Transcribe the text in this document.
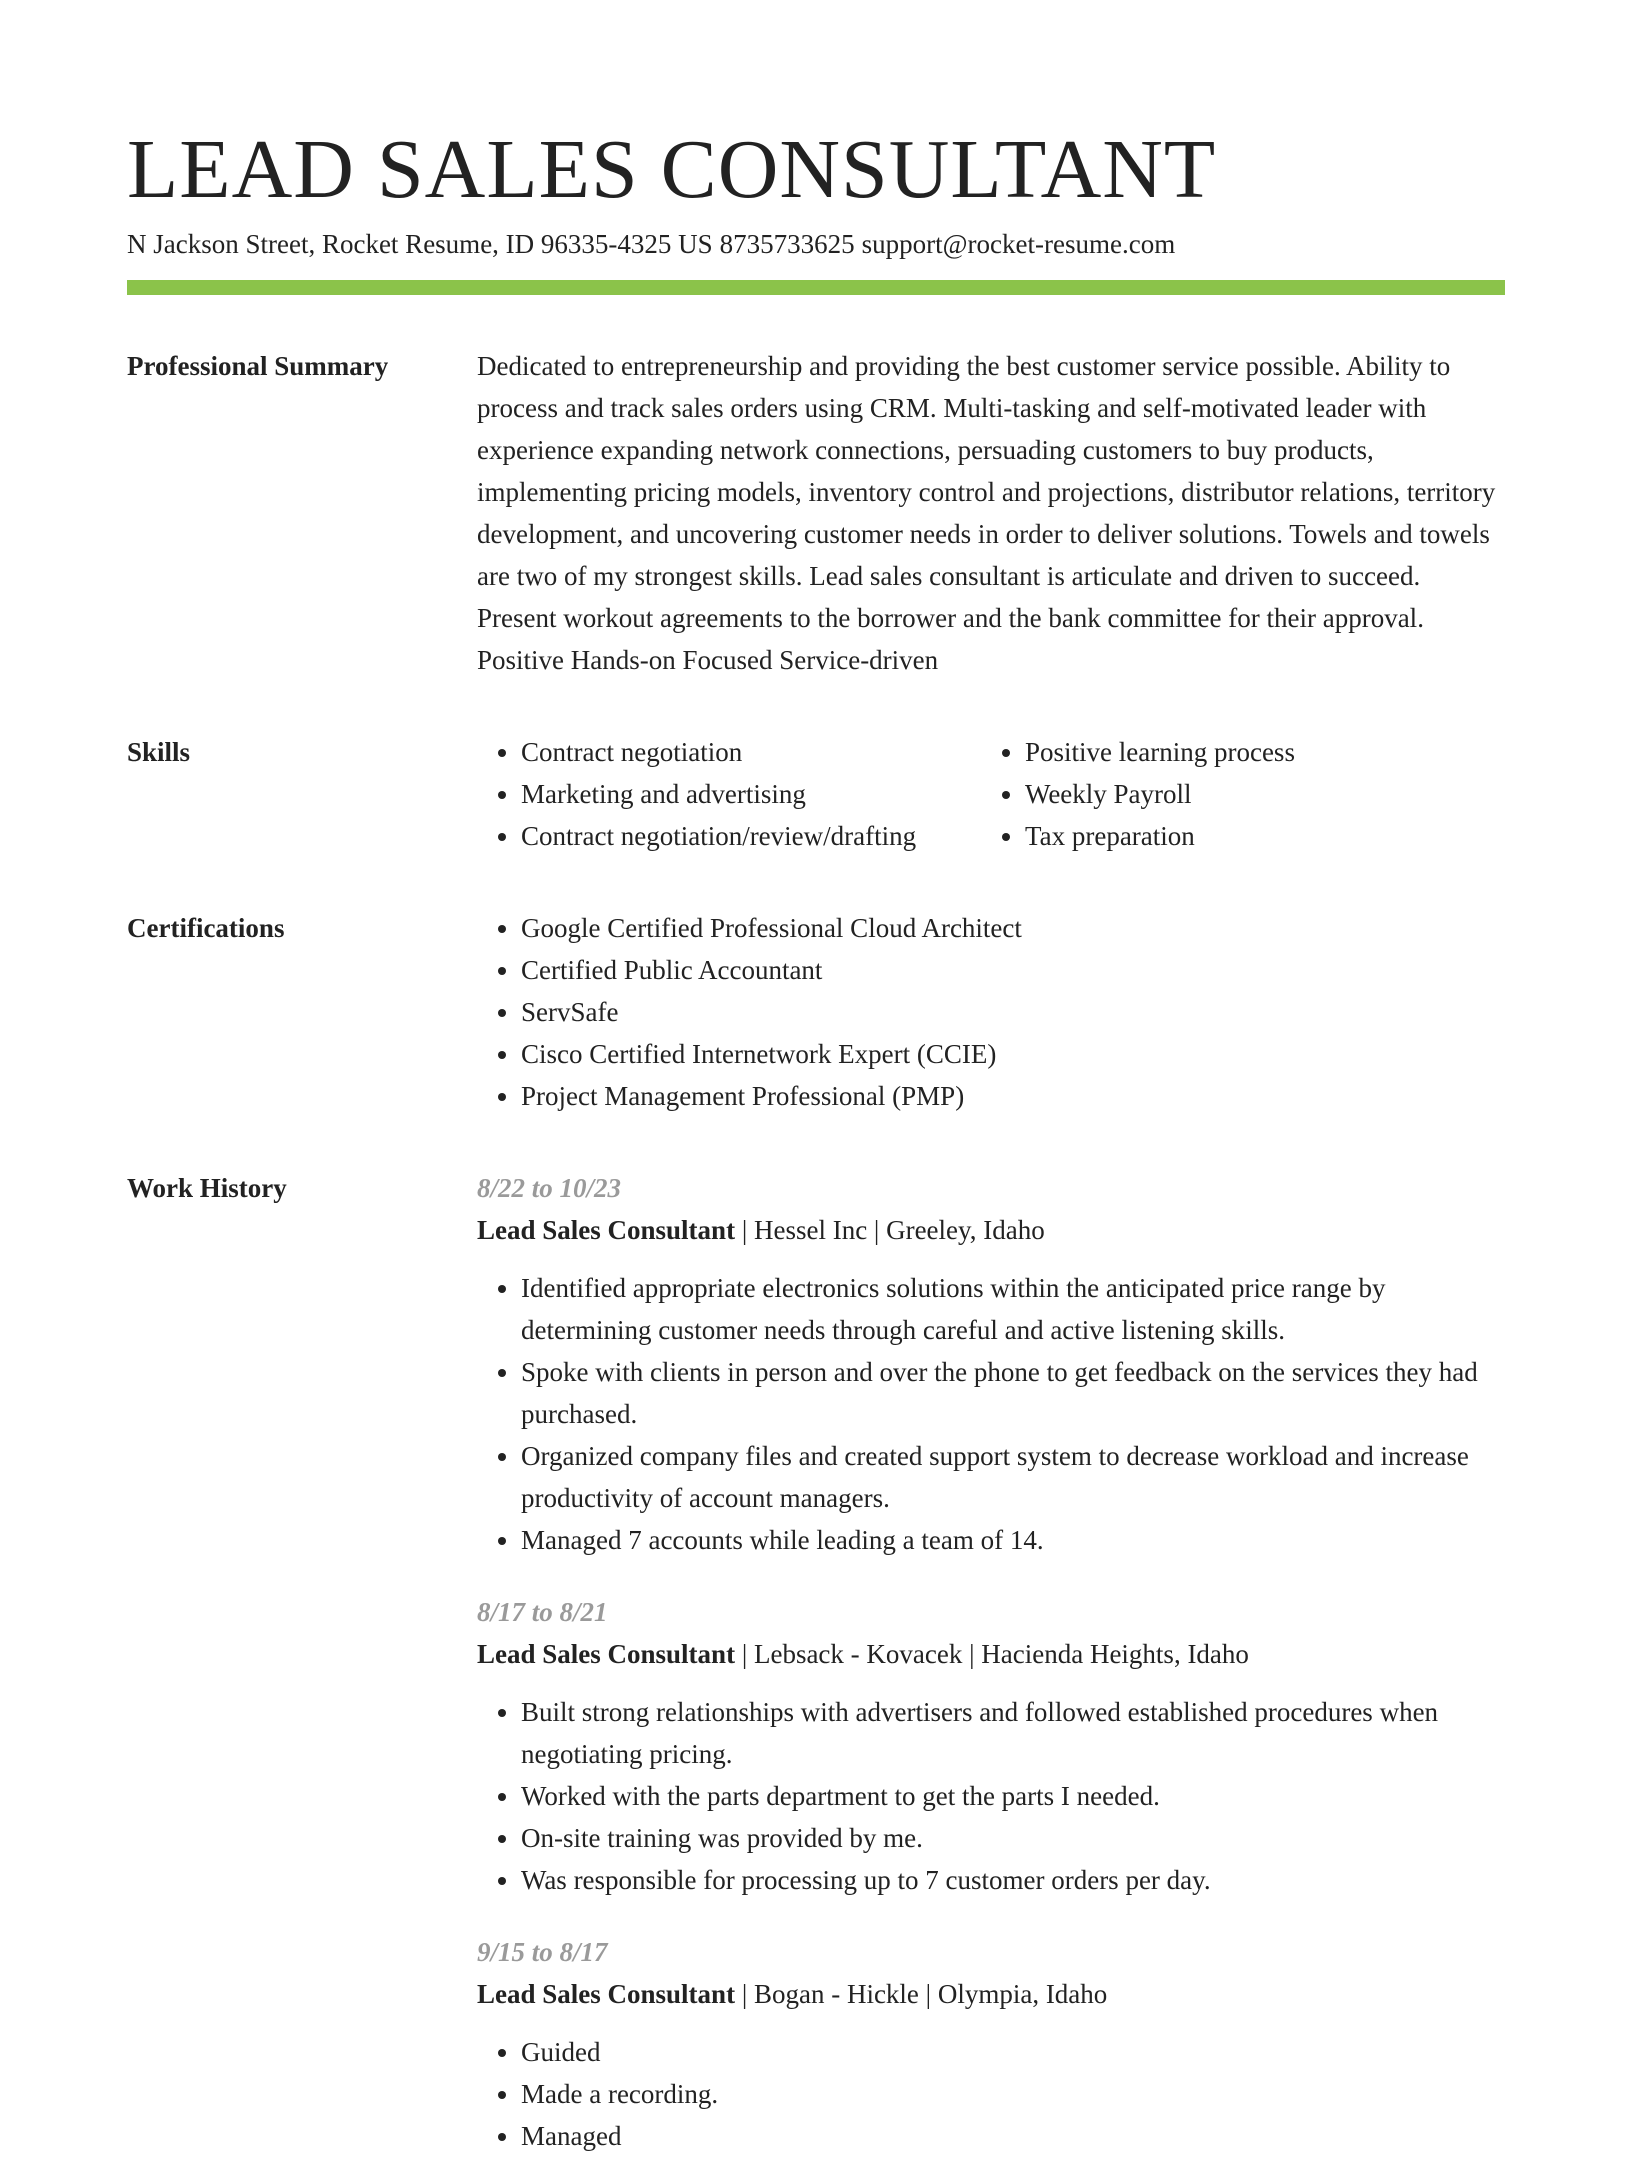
LEAD SALES CONSULTANT
N Jackson Street, Rocket Resume, ID 96335-4325 US 8735733625 support@rocket-resume.com
Professional Summary	Dedicated to entrepreneurship and providing the best customer service possible. Ability to process and track sales orders using CRM. Multi-tasking and self-motivated leader with experience expanding network connections, persuading customers to buy products, implementing pricing models, inventory control and projections, distributor relations, territory development, and uncovering customer needs in order to deliver solutions. Towels and towels are two of my strongest skills. Lead sales consultant is articulate and driven to succeed. Present workout agreements to the borrower and the bank committee for their approval. Positive Hands-on Focused Service-driven
Skills	• Contract negotiation
• Marketing and advertising
• Contract negotiation/review/drafting
• Positive learning process
• Weekly Payroll
• Tax preparation
Certifications	• Google Certified Professional Cloud Architect
• Certified Public Accountant
• ServSafe
• Cisco Certified Internetwork Expert (CCIE)
• Project Management Professional (PMP)
Work History	8/22 to 10/23
Lead Sales Consultant | Hessel Inc | Greeley, Idaho
• Identified appropriate electronics solutions within the anticipated price range by determining customer needs through careful and active listening skills.
• Spoke with clients in person and over the phone to get feedback on the services they had purchased.
• Organized company files and created support system to decrease workload and increase productivity of account managers.
• Managed 7 accounts while leading a team of 14.
8/17 to 8/21
Lead Sales Consultant | Lebsack - Kovacek | Hacienda Heights, Idaho
• Built strong relationships with advertisers and followed established procedures when negotiating pricing.
• Worked with the parts department to get the parts I needed.
• On-site training was provided by me.
• Was responsible for processing up to 7 customer orders per day.
9/15 to 8/17
Lead Sales Consultant | Bogan - Hickle | Olympia, Idaho
• Guided
• Made a recording.
• Managed
